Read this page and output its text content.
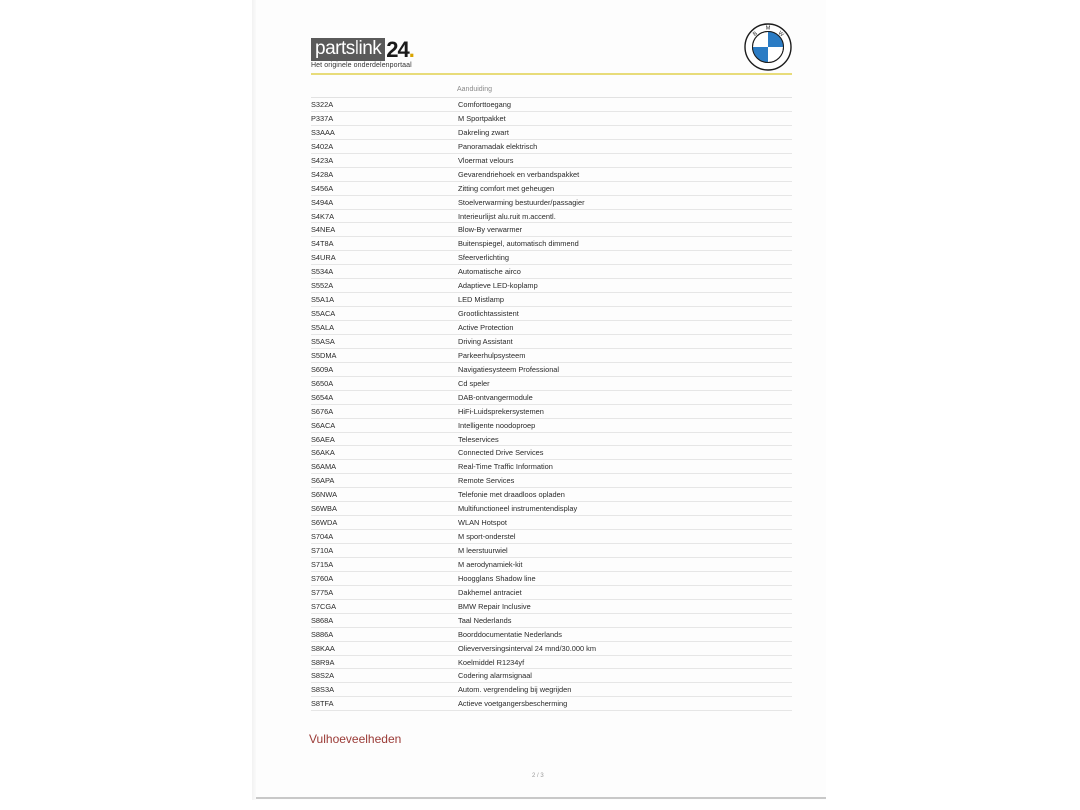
partslink 24.
Het originele onderdelenportaal
B
M
W
Aanduiding
S322A	Comforttoegang
P337A	M Sportpakket
S3AAA	Dakreling zwart
S402A	Panoramadak elektrisch
S423A	Vloermat velours
S428A	Gevarendriehoek en verbandspakket
S456A	Zitting comfort met geheugen
S494A	Stoelverwarming bestuurder/passagier
S4K7A	Interieurlijst alu.ruit m.accentl.
S4NEA	Blow-By verwarmer
S4T8A	Buitenspiegel, automatisch dimmend
S4URA	Sfeerverlichting
S534A	Automatische airco
S552A	Adaptieve LED-koplamp
S5A1A	LED Mistlamp
S5ACA	Grootlichtassistent
S5ALA	Active Protection
S5ASA	Driving Assistant
S5DMA	Parkeerhulpsysteem
S609A	Navigatiesysteem Professional
S650A	Cd speler
S654A	DAB-ontvangermodule
S676A	HiFi-Luidsprekersystemen
S6ACA	Intelligente noodoproep
S6AEA	Teleservices
S6AKA	Connected Drive Services
S6AMA	Real-Time Traffic Information
S6APA	Remote Services
S6NWA	Telefonie met draadloos opladen
S6WBA	Multifunctioneel instrumentendisplay
S6WDA	WLAN Hotspot
S704A	M sport-onderstel
S710A	M leerstuurwiel
S715A	M aerodynamiek-kit
S760A	Hoogglans Shadow line
S775A	Dakhemel antraciet
S7CGA	BMW Repair Inclusive
S868A	Taal Nederlands
S886A	Boorddocumentatie Nederlands
S8KAA	Olieverversingsinterval 24 mnd/30.000 km
S8R9A	Koelmiddel R1234yf
S8S2A	Codering alarmsignaal
S8S3A	Autom. vergrendeling bij wegrijden
S8TFA	Actieve voetgangersbescherming
Vulhoeveelheden
2 / 3
